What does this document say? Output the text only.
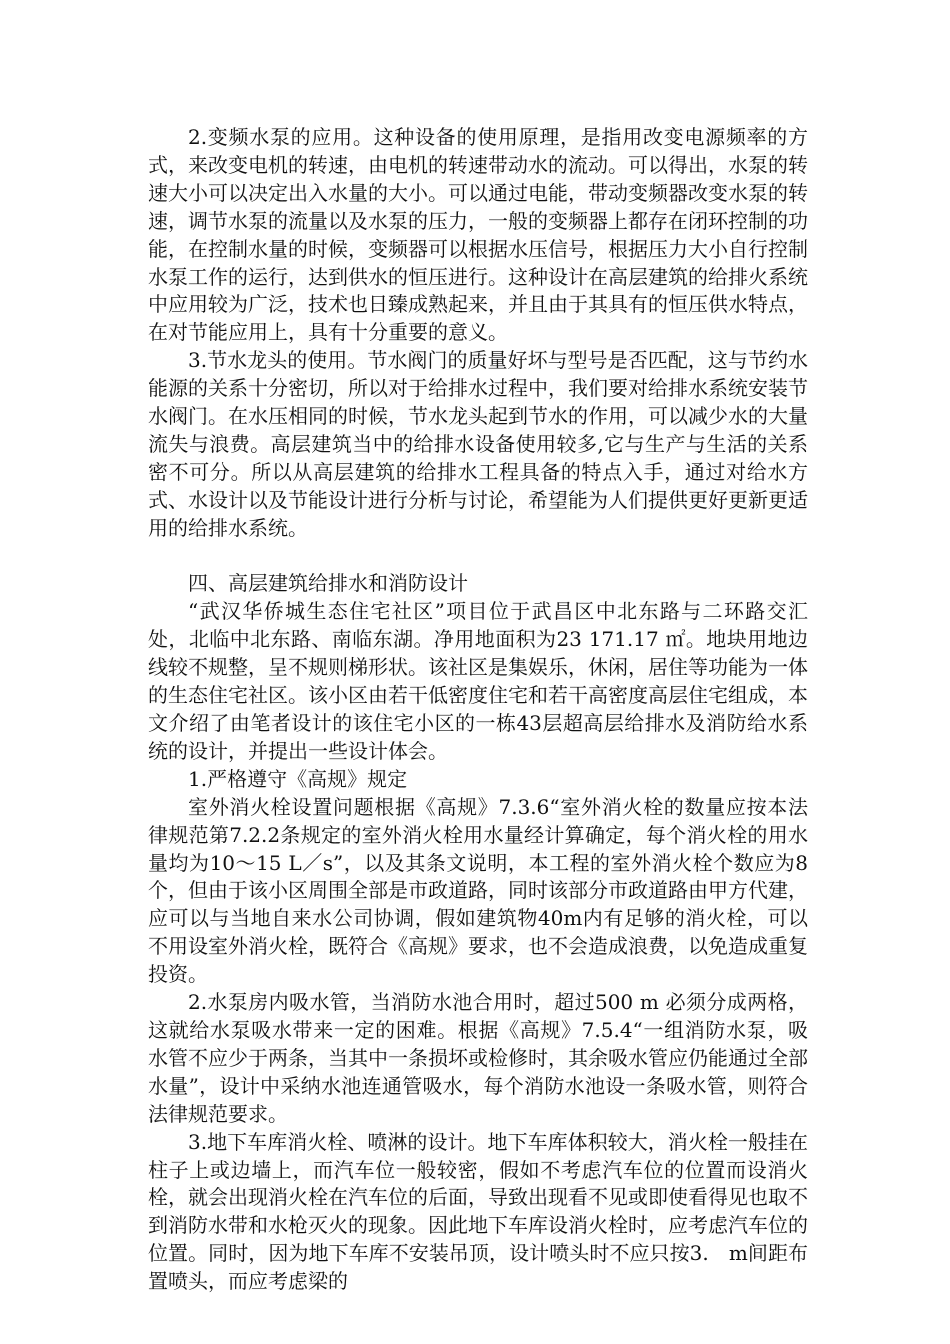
2.变频水泵的应用。这种设备的使用原理，是指用改变电源频率的方式，来改变电机的转速，由电机的转速带动水的流动。可以得出，水泵的转速大小可以决定出入水量的大小。可以通过电能，带动变频器改变水泵的转速，调节水泵的流量以及水泵的压力，一般的变频器上都存在闭环控制的功能，在控制水量的时候，变频器可以根据水压信号，根据压力大小自行控制水泵工作的运行，达到供水的恒压进行。这种设计在高层建筑的给排火系统中应用较为广泛，技术也日臻成熟起来，并且由于其具有的恒压供水特点，在对节能应用上，具有十分重要的意义。

3.节水龙头的使用。节水阀门的质量好坏与型号是否匹配，这与节约水能源的关系十分密切，所以对于给排水过程中，我们要对给排水系统安装节水阀门。在水压相同的时候，节水龙头起到节水的作用，可以减少水的大量流失与浪费。高层建筑当中的给排水设备使用较多,它与生产与生活的关系密不可分。所以从高层建筑的给排水工程具备的特点入手，通过对给水方式、水设计以及节能设计进行分析与讨论，希望能为人们提供更好更新更适用的给排水系统。

四、高层建筑给排水和消防设计

“武汉华侨城生态住宅社区”项目位于武昌区中北东路与二环路交汇处，北临中北东路、南临东湖。净用地面积为23 171.17 ㎡。地块用地边线较不规整，呈不规则梯形状。该社区是集娱乐，休闲，居住等功能为一体的生态住宅社区。该小区由若干低密度住宅和若干高密度高层住宅组成，本文介绍了由笔者设计的该住宅小区的一栋43层超高层给排水及消防给水系统的设计，并提出一些设计体会。

1.严格遵守《高规》规定

室外消火栓设置问题根据《高规》7.3.6“室外消火栓的数量应按本法律规范第7.2.2条规定的室外消火栓用水量经计算确定，每个消火栓的用水量均为10～15 L／s”，以及其条文说明，本工程的室外消火栓个数应为8个，但由于该小区周围全部是市政道路，同时该部分市政道路由甲方代建，应可以与当地自来水公司协调，假如建筑物40m内有足够的消火栓，可以不用设室外消火栓，既符合《高规》要求，也不会造成浪费，以免造成重复投资。

2.水泵房内吸水管，当消防水池合用时，超过500 m 必须分成两格，这就给水泵吸水带来一定的困难。根据《高规》7.5.4“一组消防水泵，吸水管不应少于两条，当其中一条损坏或检修时，其余吸水管应仍能通过全部水量”，设计中采纳水池连通管吸水，每个消防水池设一条吸水管，则符合法律规范要求。

3.地下车库消火栓、喷淋的设计。地下车库体积较大，消火栓一般挂在柱子上或边墙上，而汽车位一般较密，假如不考虑汽车位的位置而设消火栓，就会出现消火栓在汽车位的后面，导致出现看不见或即使看得见也取不到消防水带和水枪灭火的现象。因此地下车库设消火栓时，应考虑汽车位的位置。同时，因为地下车库不安装吊顶，设计喷头时不应只按3.　m间距布置喷头，而应考虑梁的
